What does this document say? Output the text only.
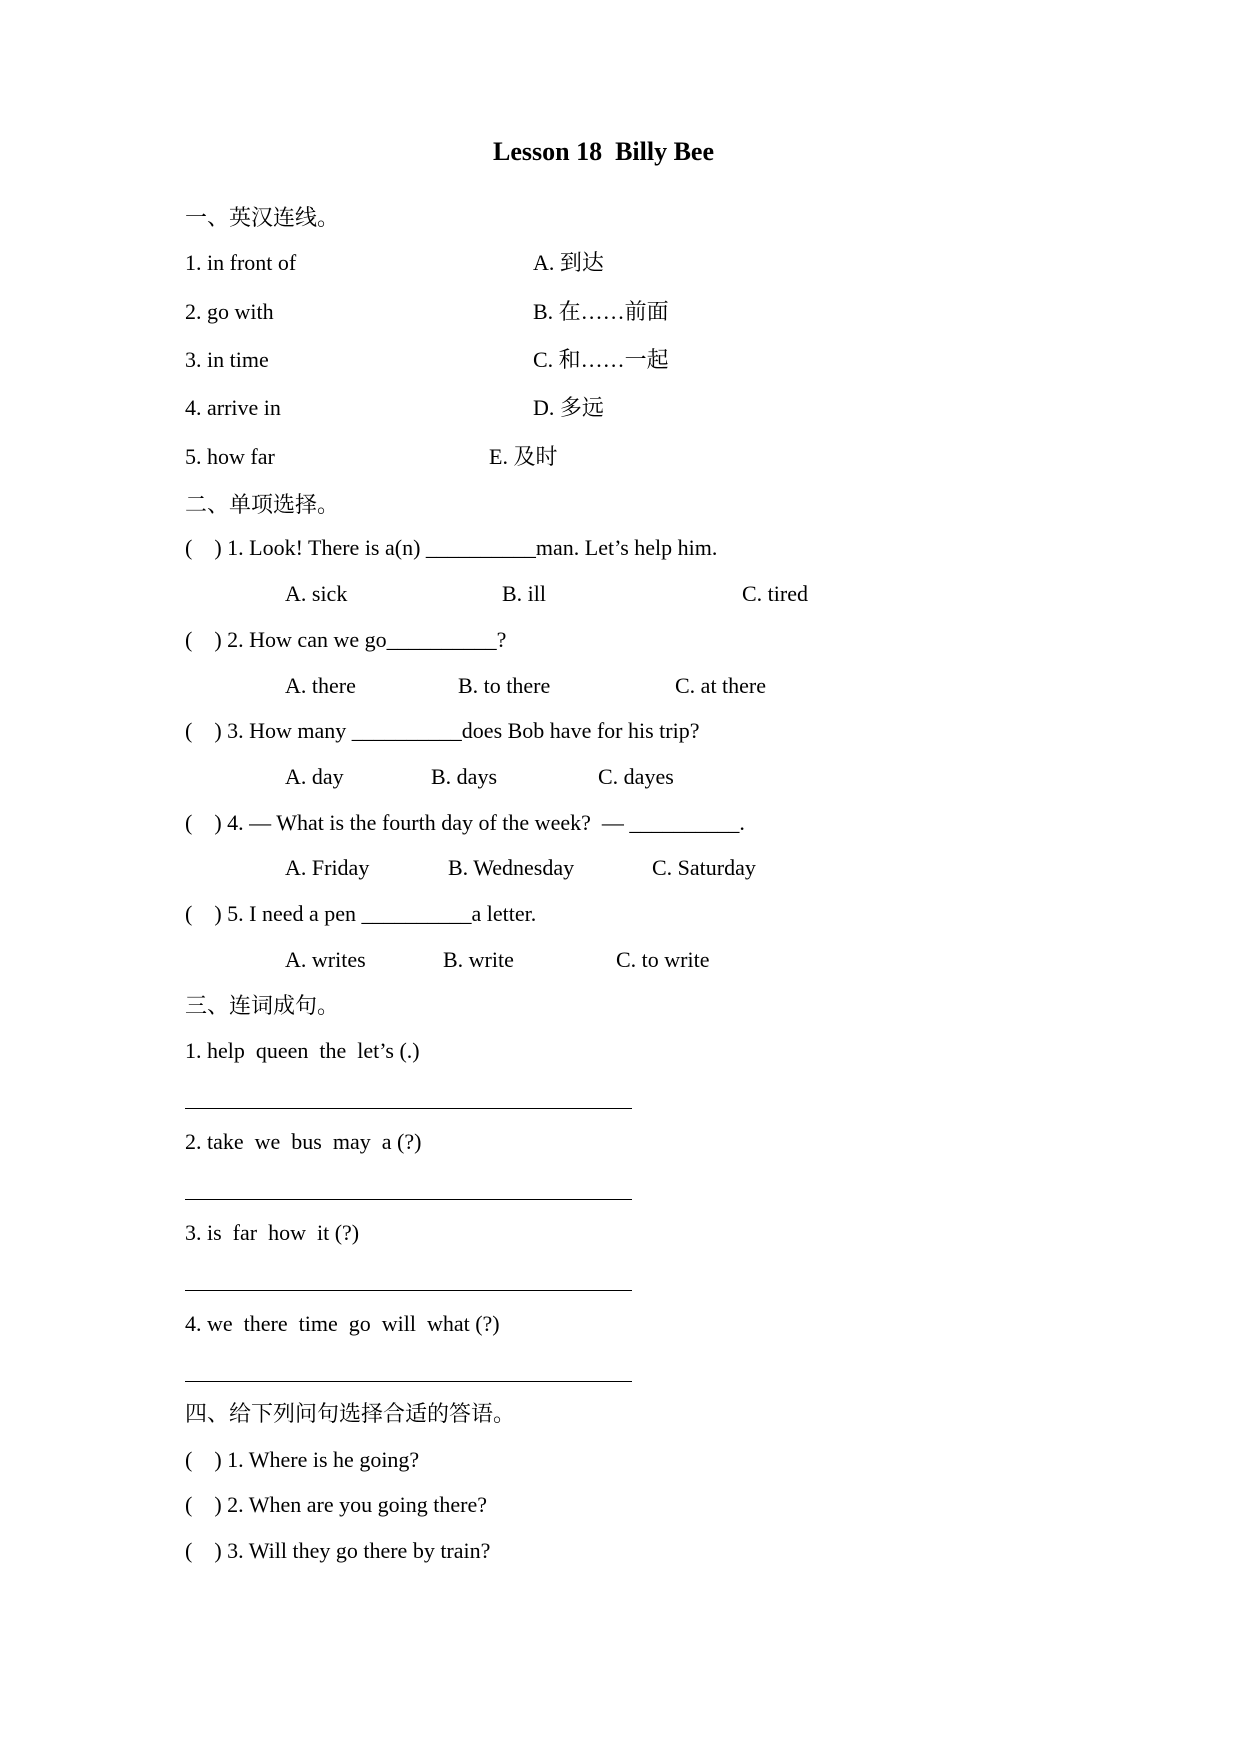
Lesson 18  Billy Bee
一、英汉连线。
1. in front of	A. 到达
2. go with	B. 在……前面
3. in time	C. 和……一起
4. arrive in	D. 多远
5. how far	E. 及时
二、单项选择。
(    ) 1. Look! There is a(n) __________man. Let’s help him.
A. sick	B. ill	C. tired
(    ) 2. How can we go__________?
A. there	B. to there	C. at there
(    ) 3. How many __________does Bob have for his trip?
A. day	B. days	C. dayes
(    ) 4. — What is the fourth day of the week?  — __________.
A. Friday	B. Wednesday	C. Saturday
(    ) 5. I need a pen __________a letter.
A. writes	B. write	C. to write
三、连词成句。
1. help  queen  the  let’s (.)
2. take  we  bus  may  a (?)
3. is  far  how  it (?)
4. we  there  time  go  will  what (?)
四、给下列问句选择合适的答语。
(    ) 1. Where is he going?
(    ) 2. When are you going there?
(    ) 3. Will they go there by train?
